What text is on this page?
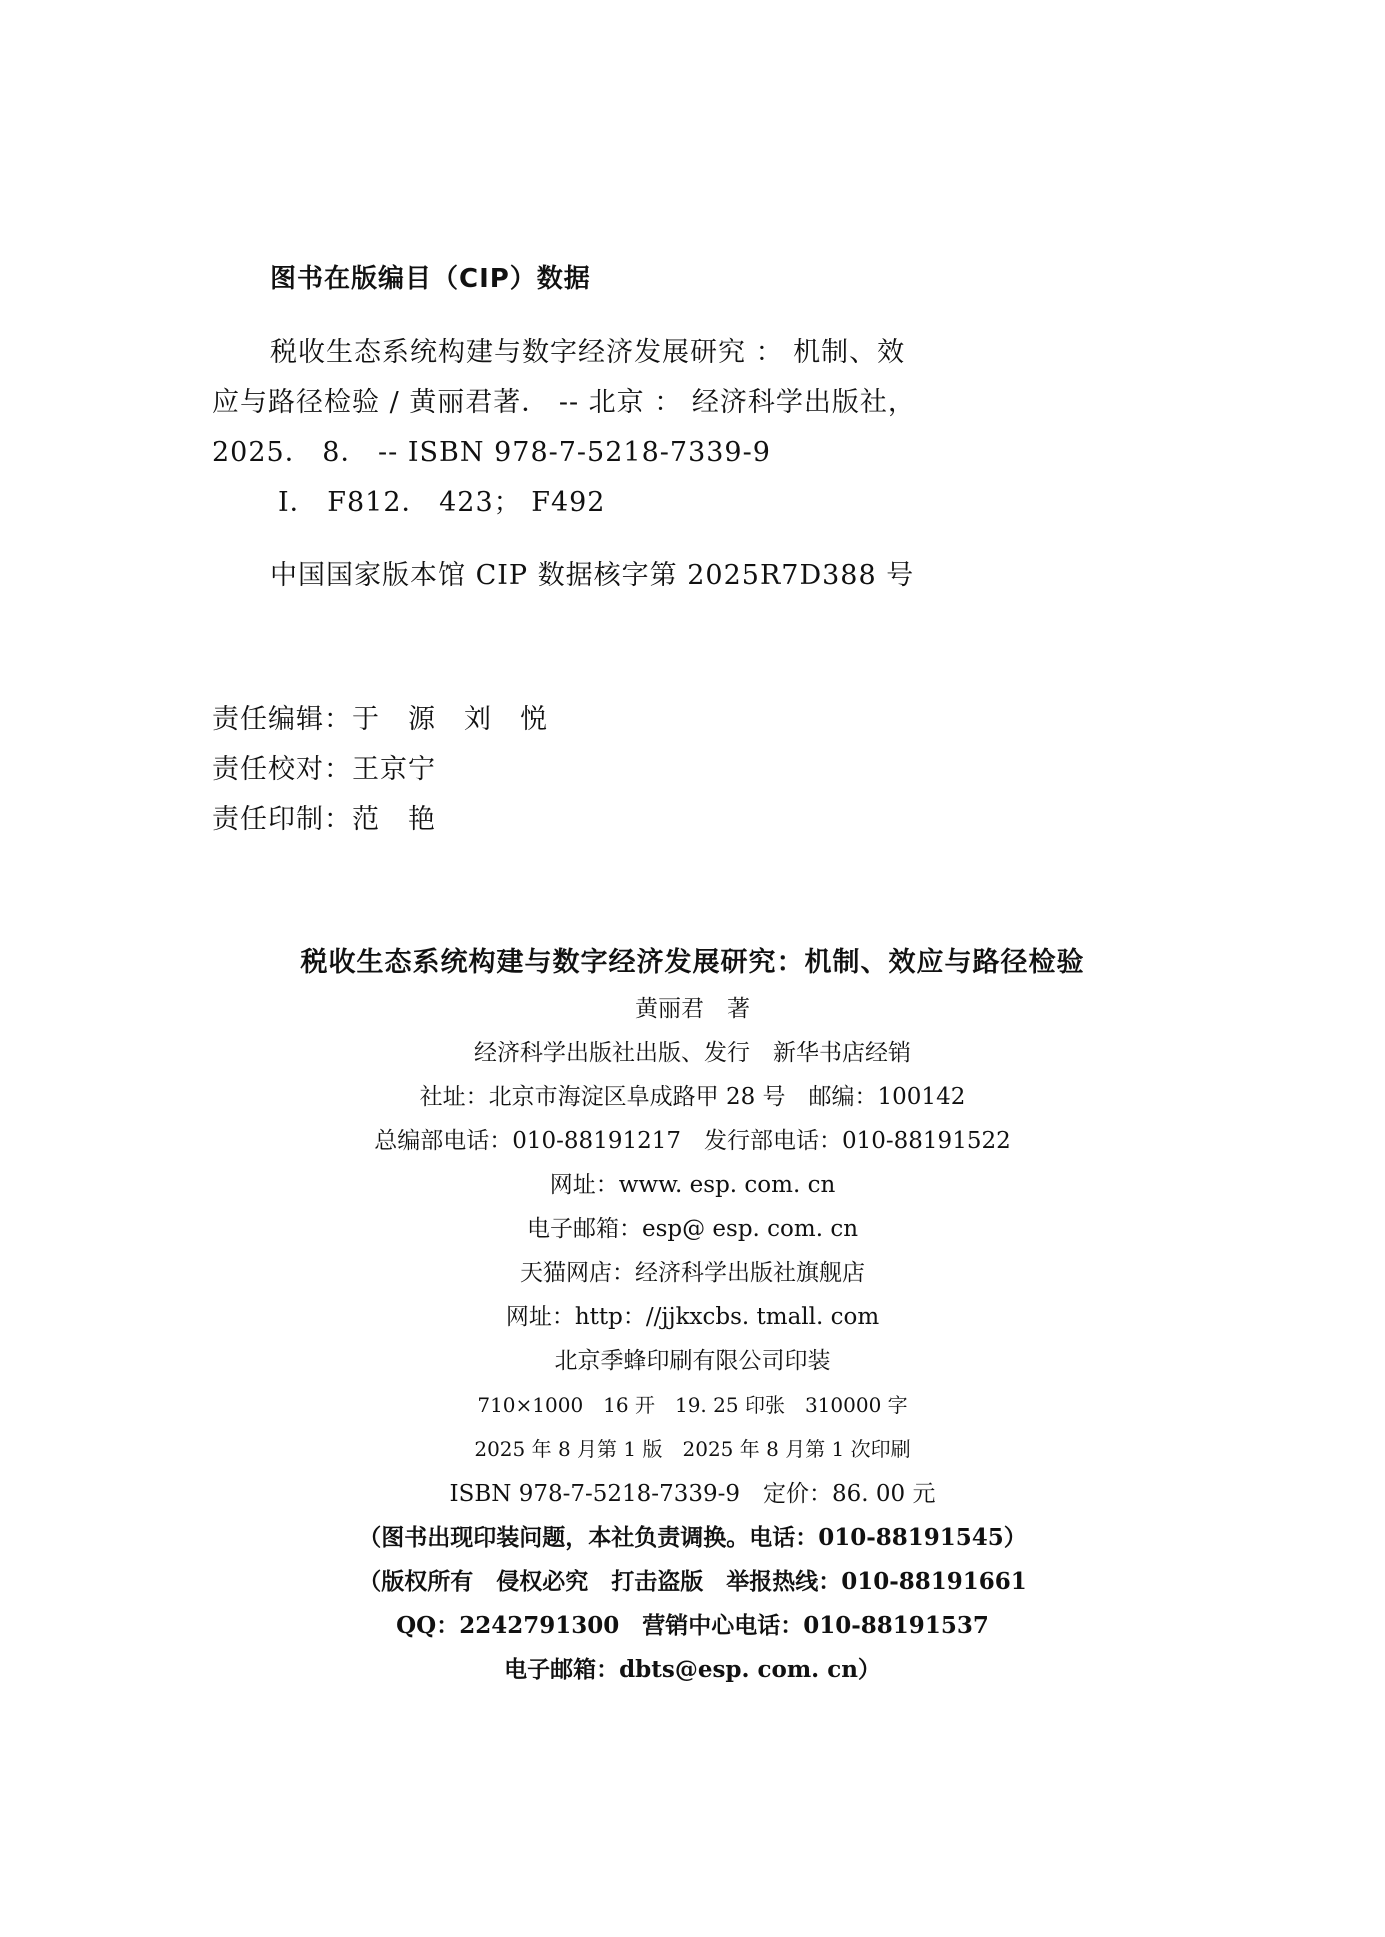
图书在版编目（CIP）数据
税收生态系统构建与数字经济发展研究 ： 机制、效
应与路径检验 / 黄丽君著． -- 北京 ： 经济科学出版社，
2025． 8． -- ISBN 978-7-5218-7339-9
Ⅰ． F812． 423； F492
中国国家版本馆 CIP 数据核字第 2025R7D388 号
责任编辑：于　源　刘　悦
责任校对：王京宁
责任印制：范　艳
税收生态系统构建与数字经济发展研究：机制、效应与路径检验
黄丽君　著
经济科学出版社出版、发行　新华书店经销
社址：北京市海淀区阜成路甲 28 号　邮编：100142
总编部电话：010-88191217　发行部电话：010-88191522
网址：www. esp. com. cn
电子邮箱：esp@ esp. com. cn
天猫网店：经济科学出版社旗舰店
网址：http：//jjkxcbs. tmall. com
北京季蜂印刷有限公司印装
710×1000　16 开　19. 25 印张　310000 字
2025 年 8 月第 1 版　2025 年 8 月第 1 次印刷
ISBN 978-7-5218-7339-9　定价：86. 00 元
（图书出现印装问题，本社负责调换。电话：010-88191545）
（版权所有　侵权必究　打击盗版　举报热线：010-88191661
QQ：2242791300　营销中心电话：010-88191537
电子邮箱：dbts@esp. com. cn）
